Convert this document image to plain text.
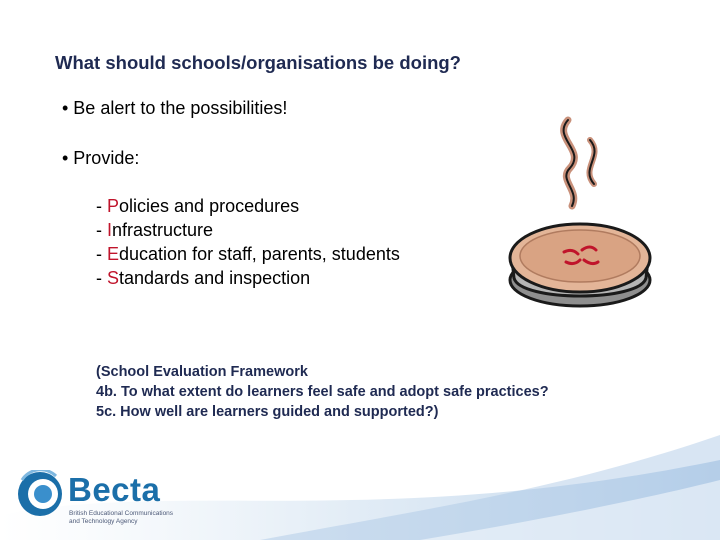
What should schools/organisations be doing?
• Be alert to the possibilities!
• Provide:
- Policies and procedures
- Infrastructure
- Education for staff, parents, students
- Standards and inspection
(School Evaluation Framework
4b. To what extent do learners feel safe and adopt safe practices?
5c. How well are learners guided and supported?)
Becta
British Educational Communications
and Technology Agency
